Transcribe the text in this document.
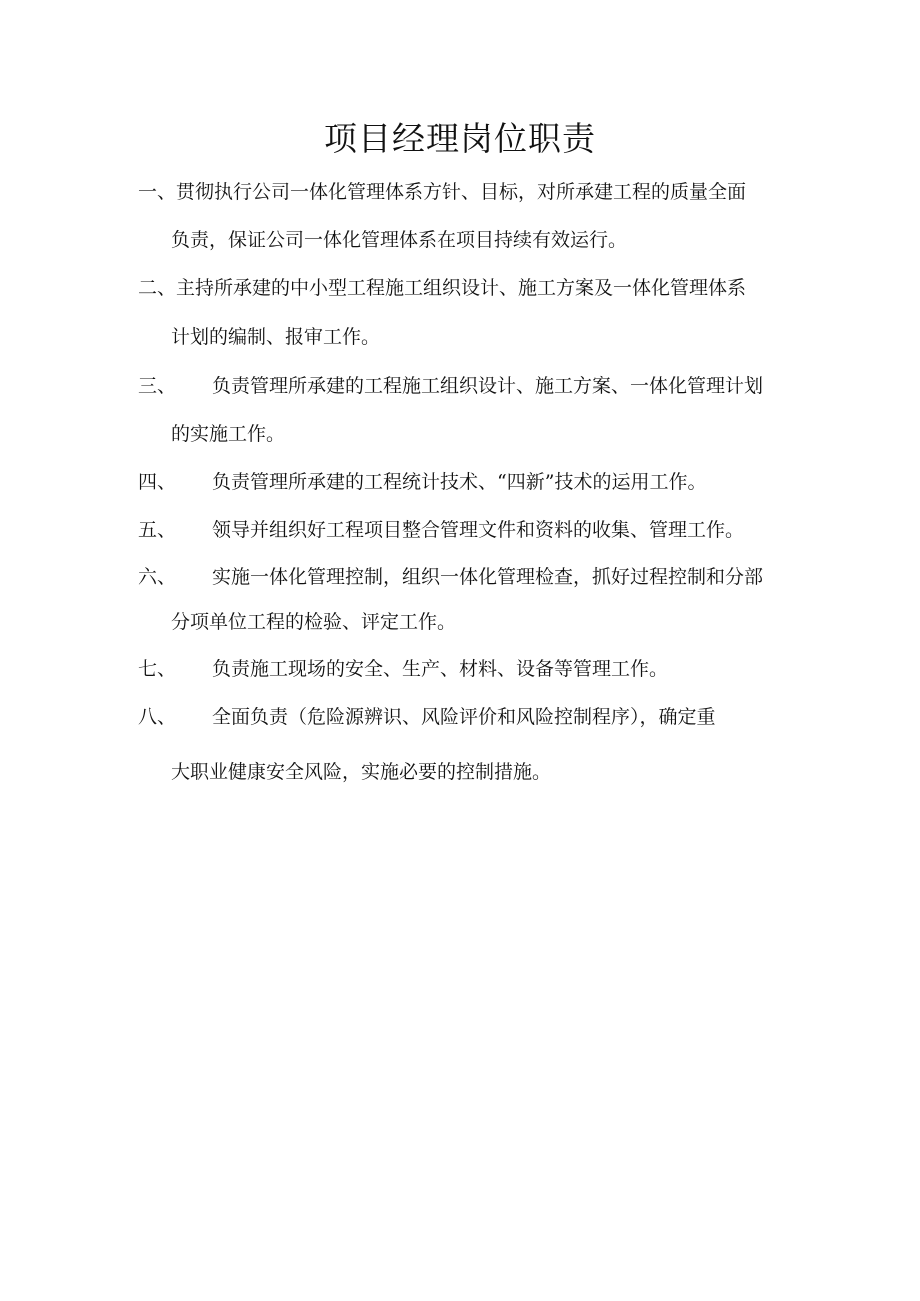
项目经理岗位职责

一、贯彻执行公司一体化管理体系方针、目标，对所承建工程的质量全面

负责，保证公司一体化管理体系在项目持续有效运行。

二、主持所承建的中小型工程施工组织设计、施工方案及一体化管理体系

计划的编制、报审工作。

三、 负责管理所承建的工程施工组织设计、施工方案、一体化管理计划

的实施工作。

四、 负责管理所承建的工程统计技术、“四新”技术的运用工作。

五、 领导并组织好工程项目整合管理文件和资料的收集、管理工作。

六、 实施一体化管理控制，组织一体化管理检查，抓好过程控制和分部

分项单位工程的检验、评定工作。

七、 负责施工现场的安全、生产、材料、设备等管理工作。

八、 全面负责（危险源辨识、风险评价和风险控制程序），确定重

大职业健康安全风险，实施必要的控制措施。
